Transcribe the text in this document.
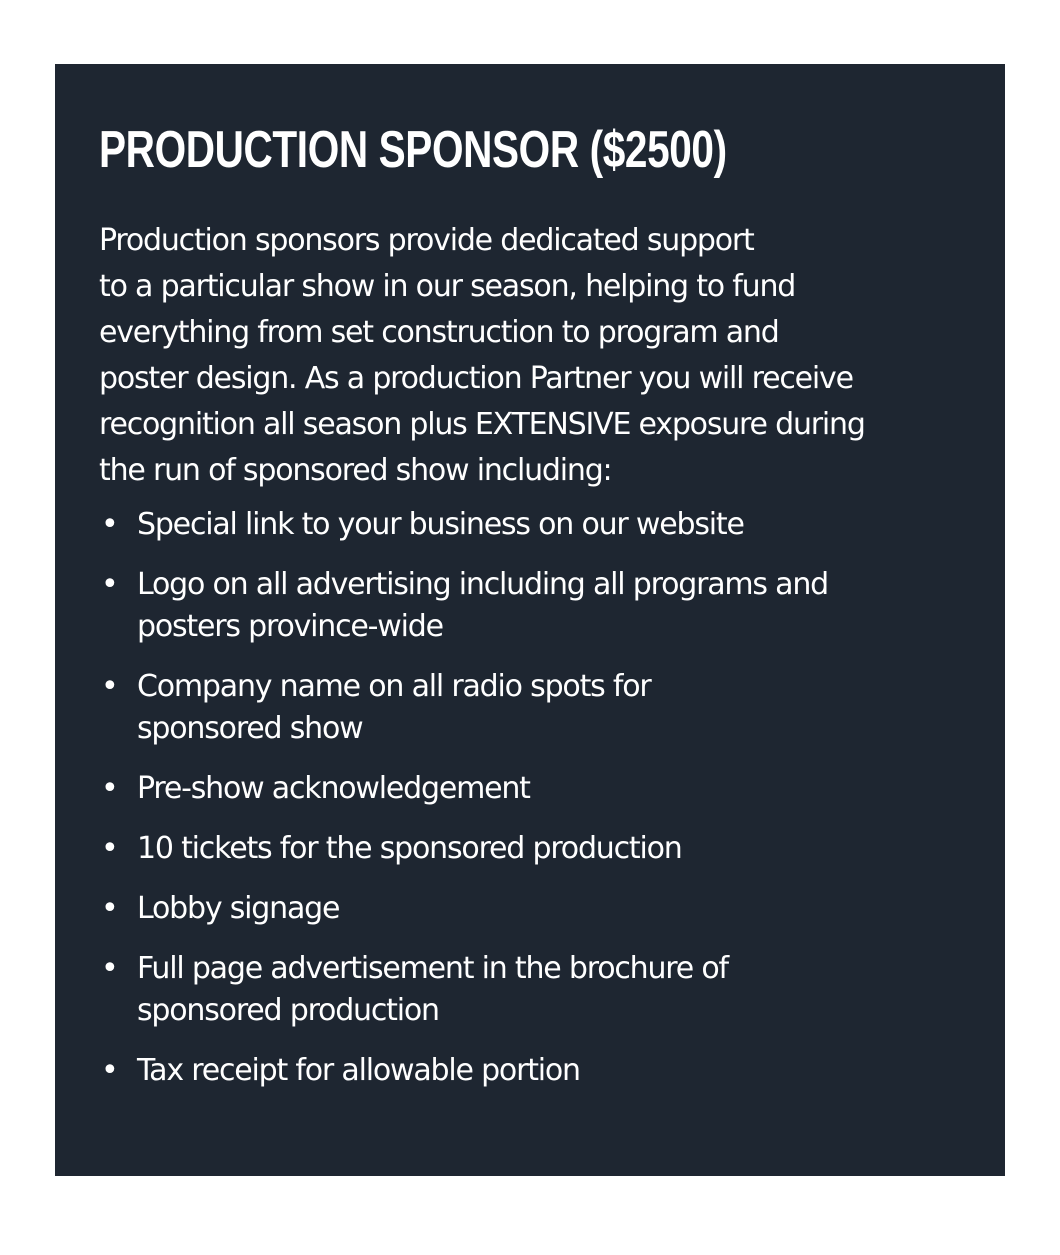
PRODUCTION SPONSOR ($2500)

Production sponsors provide dedicated support
to a particular show in our season, helping to fund
everything from set construction to program and
poster design. As a production Partner you will receive
recognition all season plus EXTENSIVE exposure during
the run of sponsored show including:

• Special link to your business on our website
• Logo on all advertising including all programs and
posters province-wide
• Company name on all radio spots for
sponsored show
• Pre-show acknowledgement
• 10 tickets for the sponsored production
• Lobby signage
• Full page advertisement in the brochure of
sponsored production
• Tax receipt for allowable portion
